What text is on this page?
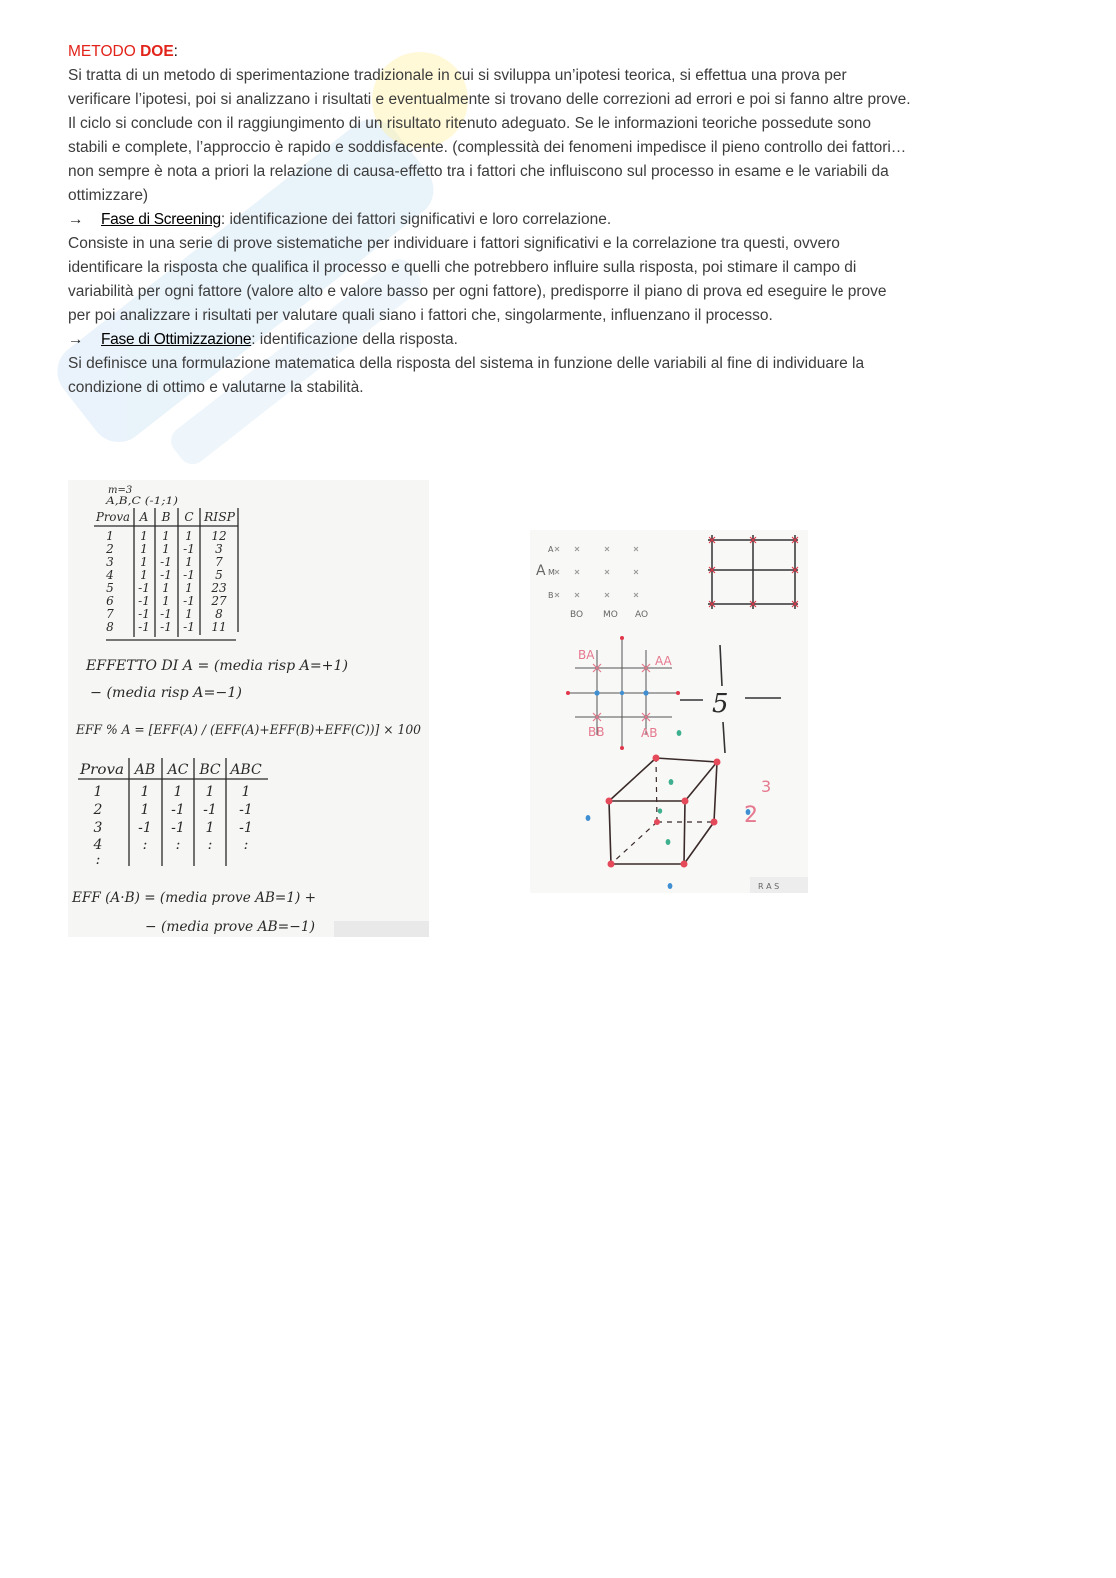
METODO DOE:
Si tratta di un metodo di sperimentazione tradizionale in cui si sviluppa un’ipotesi teorica, si effettua una prova per
verificare l’ipotesi, poi si analizzano i risultati e eventualmente si trovano delle correzioni ad errori e poi si fanno altre prove.
Il ciclo si conclude con il raggiungimento di un risultato ritenuto adeguato. Se le informazioni teoriche possedute sono
stabili e complete, l’approccio è rapido e soddisfacente. (complessità dei fenomeni impedisce il pieno controllo dei fattori…
non sempre è nota a priori la relazione di causa-effetto tra i fattori che influiscono sul processo in esame e le variabili da
ottimizzare)
→ Fase di Screening: identificazione dei fattori significativi e loro correlazione.
Consiste in una serie di prove sistematiche per individuare i fattori significativi e la correlazione tra questi, ovvero
identificare la risposta che qualifica il processo e quelli che potrebbero influire sulla risposta, poi stimare il campo di
variabilità per ogni fattore (valore alto e valore basso per ogni fattore), predisporre il piano di prova ed eseguire le prove
per poi analizzare i risultati per valutare quali siano i fattori che, singolarmente, influenzano il processo.
→ Fase di Ottimizzazione: identificazione della risposta.
Si definisce una formulazione matematica della risposta del sistema in funzione delle variabili al fine di individuare la
condizione di ottimo e valutarne la stabilità.
m=3
A,B,C (-1;1)
Prova A B C RISP
1 1 1 1 12
2 1 1 -1 3
3 1 -1 1 7
4 1 -1 -1 5
5 -1 1 1 23
6 -1 1 -1 27
7 -1 -1 1 8
8 -1 -1 -1 11
EFFETTO DI A = (media risp A=+1)
− (media risp A=−1)
EFF % A = [EFF(A) / (EFF(A)+EFF(B)+EFF(C))] × 100
Prova AB AC BC ABC
1	1 1 1 1
2	1 -1 -1 -1
3	-1 -1 1 -1
4	: : : :
:
EFF (A·B) = (media prove AB=1) +
− (media prove AB=−1)
A
A
M
B
BO MO AO
BA	AA
BB	AB
5
2
3
R A S
